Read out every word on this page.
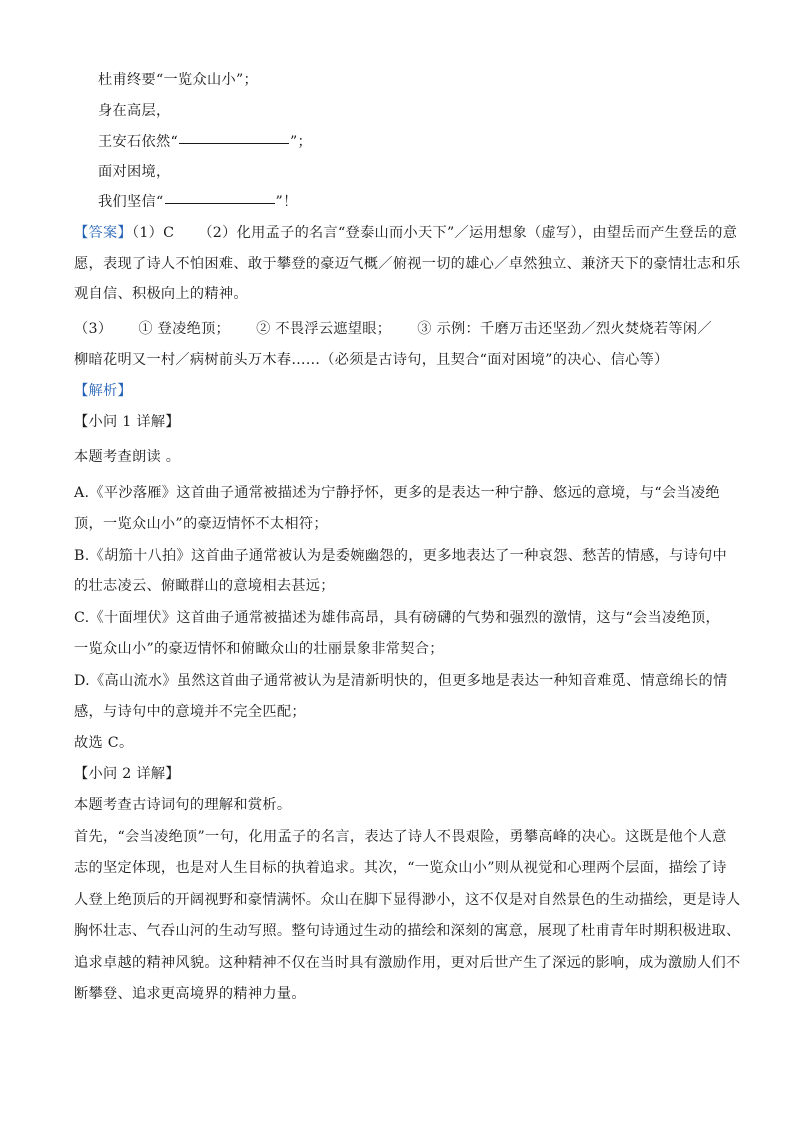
杜甫终要“一览众山小”；
身在高层，
王安石依然“	”；
面对困境，
我们坚信“	”！
【答案】（1）C （2）化用孟子的名言“登泰山而小天下”／运用想象（虚写），由望岳而产生登岳的意
愿，表现了诗人不怕困难、敢于攀登的豪迈气概／俯视一切的雄心／卓然独立、兼济天下的豪情壮志和乐
观自信、积极向上的精神。
（3） ① 登凌绝顶； ② 不畏浮云遮望眼； ③ 示例：千磨万击还坚劲／烈火焚烧若等闲／
柳暗花明又一村／病树前头万木春……（必须是古诗句，且契合“面对困境”的决心、信心等）
【解析】
【小问 1 详解】
本题考查朗读 。
A.《平沙落雁》这首曲子通常被描述为宁静抒怀，更多的是表达一种宁静、悠远的意境，与“会当凌绝
顶，一览众山小”的豪迈情怀不太相符；
B.《胡笳十八拍》这首曲子通常被认为是委婉幽怨的，更多地表达了一种哀怨、愁苦的情感，与诗句中
的壮志凌云、俯瞰群山的意境相去甚远；
C.《十面埋伏》这首曲子通常被描述为雄伟高昂，具有磅礴的气势和强烈的激情，这与“会当凌绝顶，
一览众山小”的豪迈情怀和俯瞰众山的壮丽景象非常契合；
D.《高山流水》虽然这首曲子通常被认为是清新明快的，但更多地是表达一种知音难觅、情意绵长的情
感，与诗句中的意境并不完全匹配；
故选 C。
【小问 2 详解】
本题考查古诗词句的理解和赏析。
首先，“会当凌绝顶”一句，化用孟子的名言，表达了诗人不畏艰险，勇攀高峰的决心。这既是他个人意
志的坚定体现，也是对人生目标的执着追求。其次，“一览众山小”则从视觉和心理两个层面，描绘了诗
人登上绝顶后的开阔视野和豪情满怀。众山在脚下显得渺小，这不仅是对自然景色的生动描绘，更是诗人
胸怀壮志、气吞山河的生动写照。整句诗通过生动的描绘和深刻的寓意，展现了杜甫青年时期积极进取、
追求卓越的精神风貌。这种精神不仅在当时具有激励作用，更对后世产生了深远的影响，成为激励人们不
断攀登、追求更高境界的精神力量。
